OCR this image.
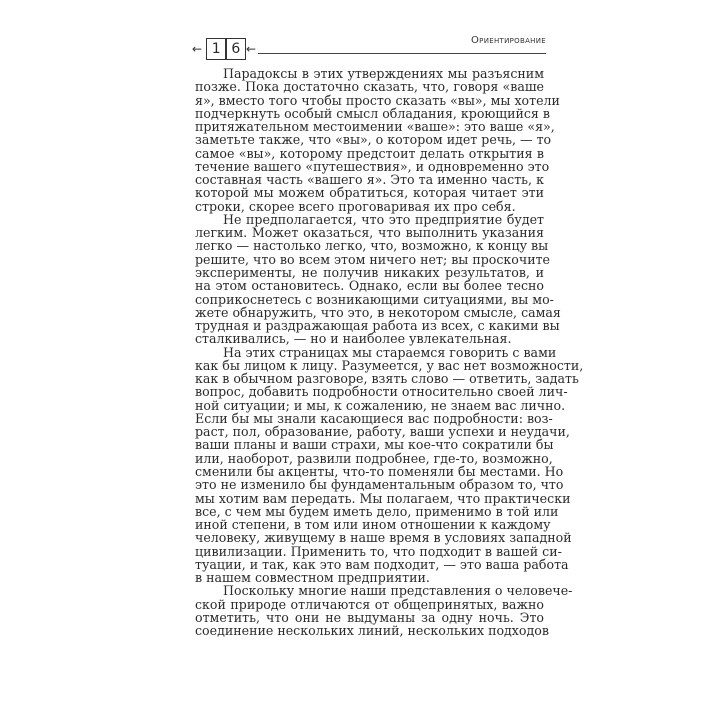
← 1 6 ←
Ориентирование
Парадоксы в этих утверждениях мы разъясним
позже. Пока достаточно сказать, что, говоря «ваше
я», вместо того чтобы просто сказать «вы», мы хотели
подчеркнуть особый смысл обладания, кроющийся в
притяжательном местоимении «ваше»: это ваше «я»,
заметьте также, что «вы», о котором идет речь, — то
самое «вы», которому предстоит делать открытия в
течение вашего «путешествия», и одновременно это
составная часть «вашего я». Это та именно часть, к
которой мы можем обратиться, которая читает эти
строки, скорее всего проговаривая их про себя.
Не предполагается, что это предприятие будет
легким. Может оказаться, что выполнить указания
легко — настолько легко, что, возможно, к концу вы
решите, что во всем этом ничего нет; вы проскочите
эксперименты, не получив никаких результатов, и
на этом остановитесь. Однако, если вы более тесно
соприкоснетесь с возникающими ситуациями, вы мо-
жете обнаружить, что это, в некотором смысле, самая
трудная и раздражающая работа из всех, с какими вы
сталкивались, — но и наиболее увлекательная.
На этих страницах мы стараемся говорить с вами
как бы лицом к лицу. Разумеется, у вас нет возможности,
как в обычном разговоре, взять слово — ответить, задать
вопрос, добавить подробности относительно своей лич-
ной ситуации; и мы, к сожалению, не знаем вас лично.
Если бы мы знали касающиеся вас подробности: воз-
раст, пол, образование, работу, ваши успехи и неудачи,
ваши планы и ваши страхи, мы кое-что сократили бы
или, наоборот, развили подробнее, где-то, возможно,
сменили бы акценты, что-то поменяли бы местами. Но
это не изменило бы фундаментальным образом то, что
мы хотим вам передать. Мы полагаем, что практически
все, с чем мы будем иметь дело, применимо в той или
иной степени, в том или ином отношении к каждому
человеку, живущему в наше время в условиях западной
цивилизации. Применить то, что подходит в вашей си-
туации, и так, как это вам подходит, — это ваша работа
в нашем совместном предприятии.
Поскольку многие наши представления о человече-
ской природе отличаются от общепринятых, важно
отметить, что они не выдуманы за одну ночь. Это
соединение нескольких линий, нескольких подходов
